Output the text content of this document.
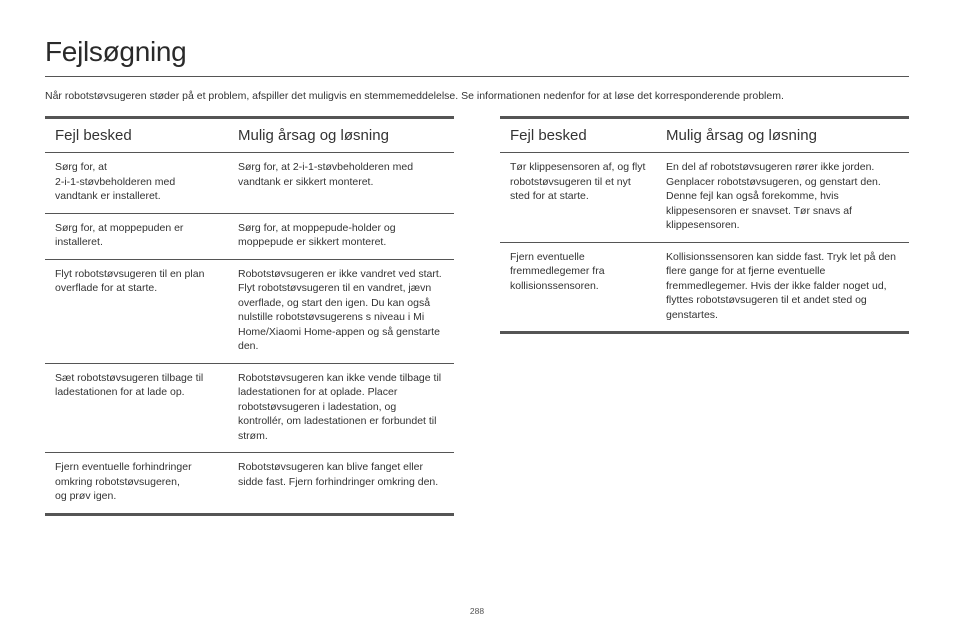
Fejlsøgning

Når robotstøvsugeren støder på et problem, afspiller det muligvis en stemmemeddelelse. Se informationen nedenfor for at løse det korresponderende problem.

Fejl besked	Mulig årsag og løsning
Sørg for, at
2-i-1-støvbeholderen med vandtank er installeret.	Sørg for, at 2-i-1-støvbeholderen med vandtank er sikkert monteret.
Sørg for, at moppepuden er installeret.	Sørg for, at moppepude-holder og moppepude er sikkert monteret.
Flyt robotstøvsugeren til en plan overflade for at starte.	Robotstøvsugeren er ikke vandret ved start. Flyt robotstøvsugeren til en vandret, jævn overflade, og start den igen. Du kan også nulstille robotstøvsugerens s niveau i Mi Home/Xiaomi Home-appen og så genstarte den.
Sæt robotstøvsugeren tilbage til ladestationen for at lade op.	Robotstøvsugeren kan ikke vende tilbage til ladestationen for at oplade. Placer robotstøvsugeren i ladestation, og kontrollér, om ladestationen er forbundet til strøm.
Fjern eventuelle forhindringer omkring robotstøvsugeren,
og prøv igen.	Robotstøvsugeren kan blive fanget eller sidde fast. Fjern forhindringer omkring den.
Fejl besked	Mulig årsag og løsning
Tør klippesensoren af, og flyt robotstøvsugeren til et nyt sted for at starte.	En del af robotstøvsugeren rører ikke jorden. Genplacer robotstøvsugeren, og genstart den. Denne fejl kan også forekomme, hvis klippesensoren er snavset. Tør snavs af klippesensoren.
Fjern eventuelle fremmedlegemer fra kollisionssensoren.	Kollisionssensoren kan sidde fast. Tryk let på den flere gange for at fjerne eventuelle fremmedlegemer. Hvis der ikke falder noget ud, flyttes robotstøvsugeren til et andet sted og genstartes.
288
